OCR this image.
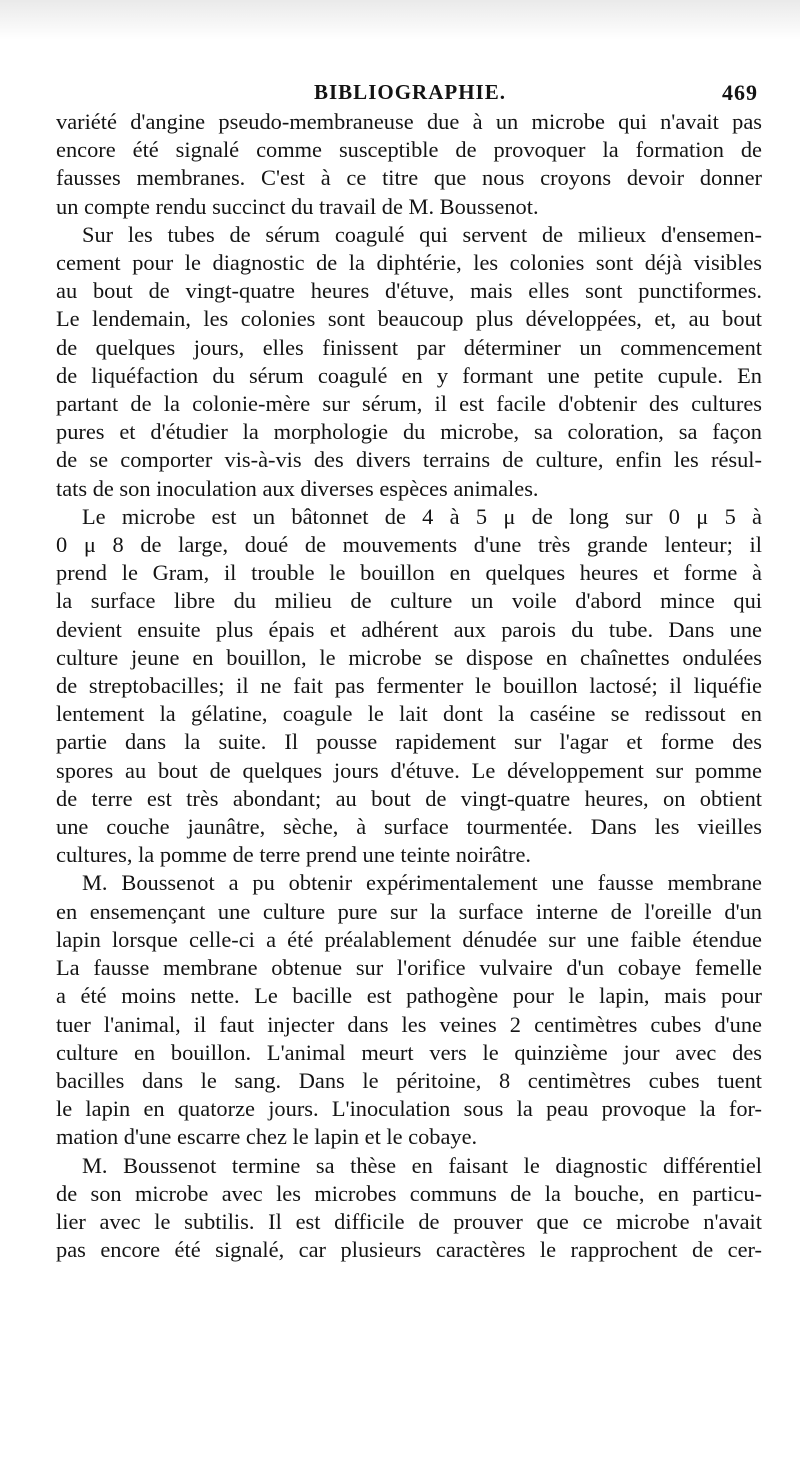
BIBLIOGRAPHIE.	469

variété d'angine pseudo-membraneuse due à un microbe qui n'avait pas
encore été signalé comme susceptible de provoquer la formation de
fausses membranes. C'est à ce titre que nous croyons devoir donner
un compte rendu succinct du travail de M. Boussenot.

Sur les tubes de sérum coagulé qui servent de milieux d'ensemen-
cement pour le diagnostic de la diphtérie, les colonies sont déjà visibles
au bout de vingt-quatre heures d'étuve, mais elles sont punctiformes.
Le lendemain, les colonies sont beaucoup plus développées, et, au bout
de quelques jours, elles finissent par déterminer un commencement
de liquéfaction du sérum coagulé en y formant une petite cupule. En
partant de la colonie-mère sur sérum, il est facile d'obtenir des cultures
pures et d'étudier la morphologie du microbe, sa coloration, sa façon
de se comporter vis-à-vis des divers terrains de culture, enfin les résul-
tats de son inoculation aux diverses espèces animales.

Le microbe est un bâtonnet de 4 à 5 μ de long sur 0 μ 5 à
0 μ 8 de large, doué de mouvements d'une très grande lenteur; il
prend le Gram, il trouble le bouillon en quelques heures et forme à
la surface libre du milieu de culture un voile d'abord mince qui
devient ensuite plus épais et adhérent aux parois du tube. Dans une
culture jeune en bouillon, le microbe se dispose en chaînettes ondulées
de streptobacilles; il ne fait pas fermenter le bouillon lactosé; il liquéfie
lentement la gélatine, coagule le lait dont la caséine se redissout en
partie dans la suite. Il pousse rapidement sur l'agar et forme des
spores au bout de quelques jours d'étuve. Le développement sur pomme
de terre est très abondant; au bout de vingt-quatre heures, on obtient
une couche jaunâtre, sèche, à surface tourmentée. Dans les vieilles
cultures, la pomme de terre prend une teinte noirâtre.

M. Boussenot a pu obtenir expérimentalement une fausse membrane
en ensemençant une culture pure sur la surface interne de l'oreille d'un
lapin lorsque celle-ci a été préalablement dénudée sur une faible étendue
La fausse membrane obtenue sur l'orifice vulvaire d'un cobaye femelle
a été moins nette. Le bacille est pathogène pour le lapin, mais pour
tuer l'animal, il faut injecter dans les veines 2 centimètres cubes d'une
culture en bouillon. L'animal meurt vers le quinzième jour avec des
bacilles dans le sang. Dans le péritoine, 8 centimètres cubes tuent
le lapin en quatorze jours. L'inoculation sous la peau provoque la for-
mation d'une escarre chez le lapin et le cobaye.

M. Boussenot termine sa thèse en faisant le diagnostic différentiel
de son microbe avec les microbes communs de la bouche, en particu-
lier avec le subtilis. Il est difficile de prouver que ce microbe n'avait
pas encore été signalé, car plusieurs caractères le rapprochent de cer-
